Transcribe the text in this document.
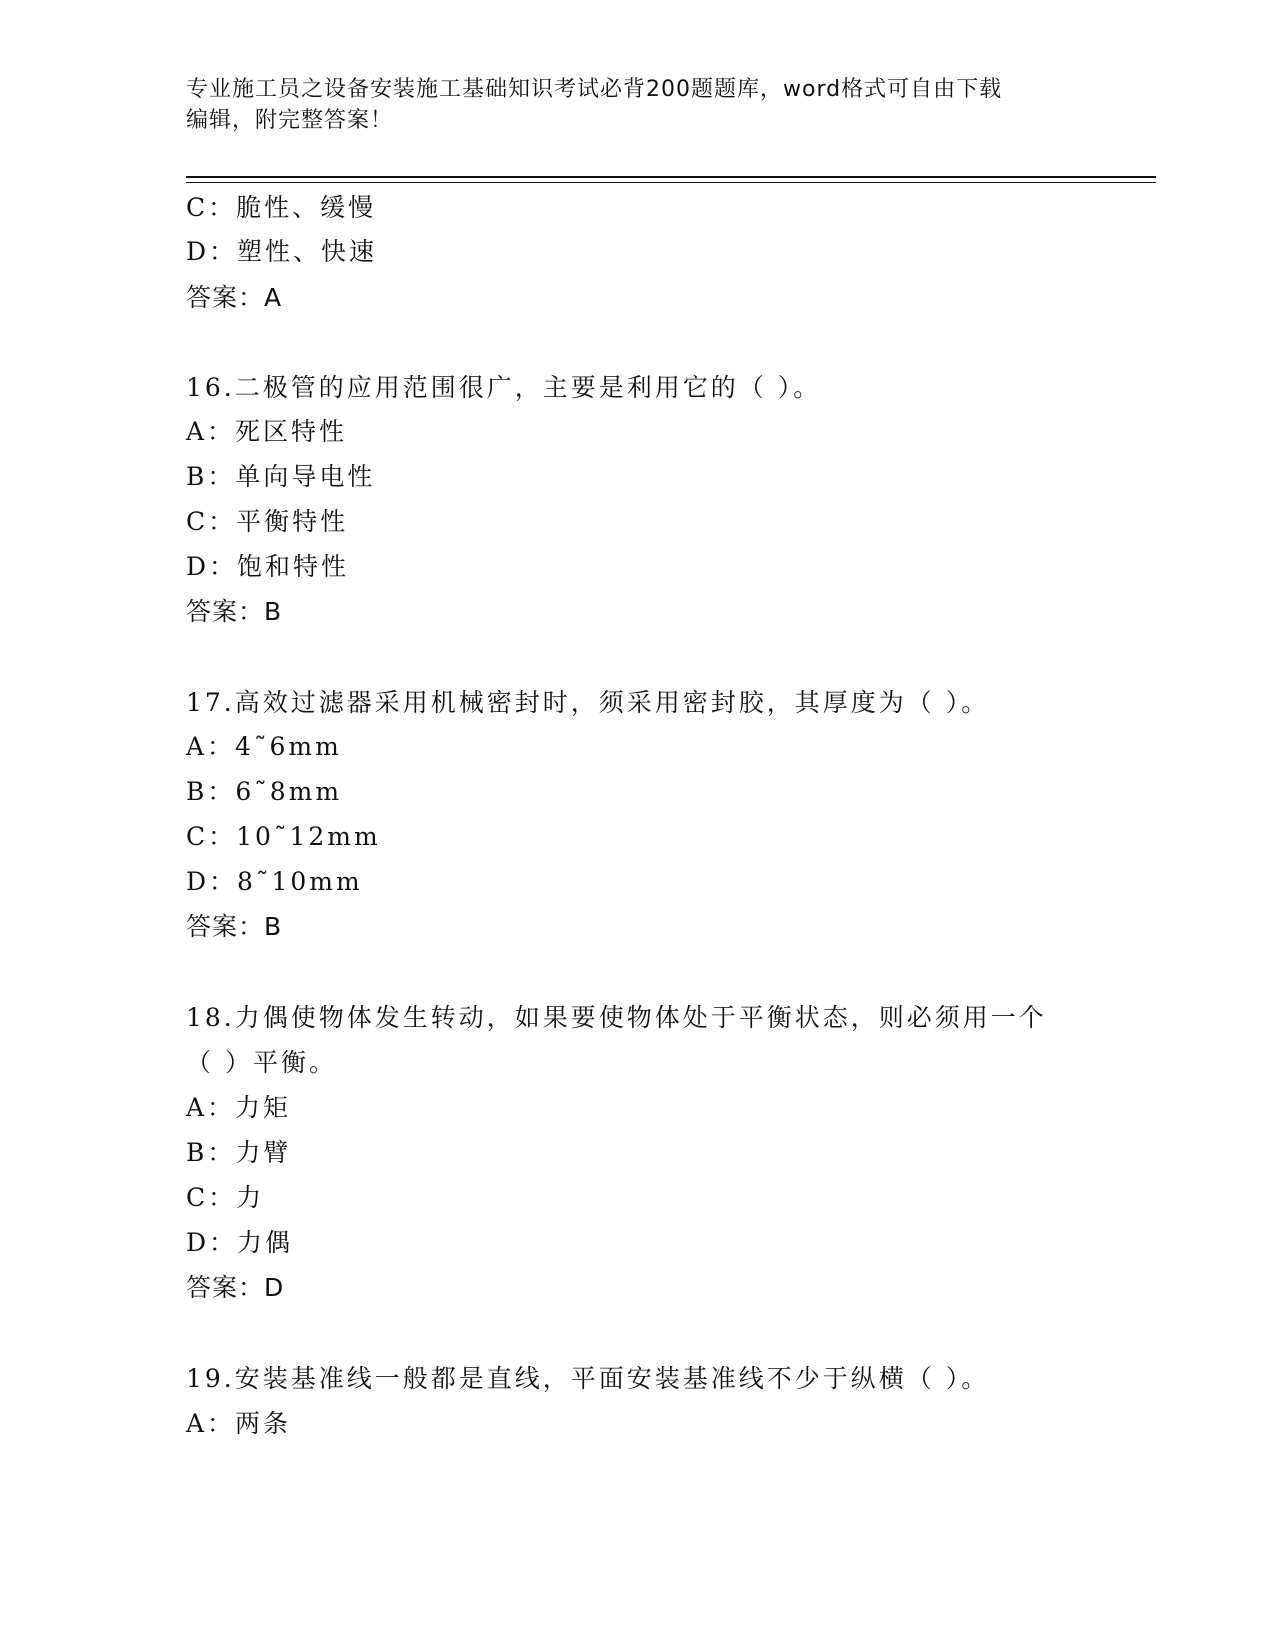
专业施工员之设备安装施工基础知识考试必背200题题库，word格式可自由下载
编辑，附完整答案！
C：脆性、缓慢
D：塑性、快速
答案：A
16.二极管的应用范围很广，主要是利用它的（ ）。
A：死区特性
B：单向导电性
C：平衡特性
D：饱和特性
答案：B
17.高效过滤器采用机械密封时，须采用密封胶，其厚度为（ ）。
A：4˜6mm
B：6˜8mm
C：10˜12mm
D：8˜10mm
答案：B
18.力偶使物体发生转动，如果要使物体处于平衡状态，则必须用一个
（ ）平衡。
A：力矩
B：力臂
C：力
D：力偶
答案：D
19.安装基准线一般都是直线，平面安装基准线不少于纵横（ ）。
A：两条
